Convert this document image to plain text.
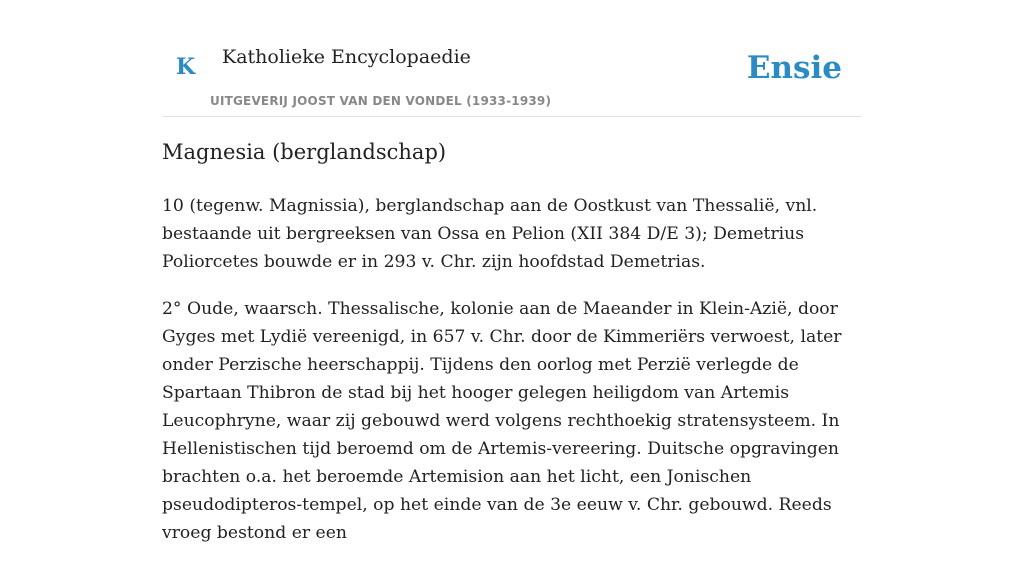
K Katholieke Encyclopaedie
UITGEVERIJ JOOST VAN DEN VONDEL (1933-1939)
Ensie
Magnesia (berglandschap)

10 (tegenw. Magnissia), berglandschap aan de Oostkust van Thessalië, vnl. bestaande uit bergreeksen van Ossa en Pelion (XII 384 D/E 3); Demetrius Poliorcetes bouwde er in 293 v. Chr. zijn hoofdstad Demetrias.

2° Oude, waarsch. Thessalische, kolonie aan de Maeander in Klein-Azië, door Gyges met Lydië vereenigd, in 657 v. Chr. door de Kimmeriërs verwoest, later onder Perzische heerschappij. Tijdens den oorlog met Perzië verlegde de Spartaan Thibron de stad bij het hooger gelegen heiligdom van Artemis Leucophryne, waar zij gebouwd werd volgens rechthoekig stratensysteem. In Hellenistischen tijd beroemd om de Artemis-vereering. Duitsche opgravingen brachten o.a. het beroemde Artemision aan het licht, een Jonischen pseudodipteros-tempel, op het einde van de 3e eeuw v. Chr. gebouwd. Reeds vroeg bestond er een
